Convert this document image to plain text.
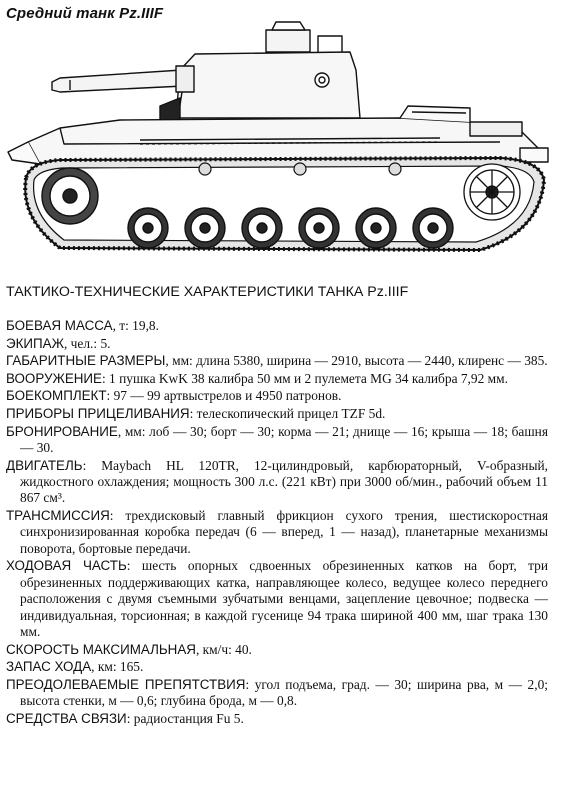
Средний танк Pz.IIIF
ТАКТИКО-ТЕХНИЧЕСКИЕ ХАРАКТЕРИСТИКИ ТАНКА Pz.IIIF
БОЕВАЯ МАССА, т: 19,8.
ЭКИПАЖ, чел.: 5.
ГАБАРИТНЫЕ РАЗМЕРЫ, мм: длина 5380, ширина — 2910, высота — 2440, клиренс — 385.
ВООРУЖЕНИЕ: 1 пушка KwK 38 калибра 50 мм и 2 пулемета MG 34 калибра 7,92 мм.
БОЕКОМПЛЕКТ: 97 — 99 артвыстрелов и 4950 патронов.
ПРИБОРЫ ПРИЦЕЛИВАНИЯ: телескопический прицел TZF 5d.
БРОНИРОВАНИЕ, мм: лоб — 30; борт — 30; корма — 21; днище — 16; крыша — 18; башня — 30.
ДВИГАТЕЛЬ: Maybach HL 120TR, 12-цилиндровый, карбюраторный, V-образный, жидкостного охлаждения; мощность 300 л.с. (221 кВт) при 3000 об/мин., рабочий объем 11 867 см³.
ТРАНСМИССИЯ: трехдисковый главный фрикцион сухого трения, шестискоростная синхронизированная коробка передач (6 — вперед, 1 — назад), планетарные механизмы поворота, бортовые передачи.
ХОДОВАЯ ЧАСТЬ: шесть опорных сдвоенных обрезиненных катков на борт, три обрезиненных поддерживающих катка, направляющее колесо, ведущее колесо переднего расположения с двумя съемными зубчатыми венцами, зацепление цевочное; подвеска — индивидуальная, торсионная; в каждой гусенице 94 трака шириной 400 мм, шаг трака 130 мм.
СКОРОСТЬ МАКСИМАЛЬНАЯ, км/ч: 40.
ЗАПАС ХОДА, км: 165.
ПРЕОДОЛЕВАЕМЫЕ ПРЕПЯТСТВИЯ: угол подъема, град. — 30; ширина рва, м — 2,0; высота стенки, м — 0,6; глубина брода, м — 0,8.
СРЕДСТВА СВЯЗИ: радиостанция Fu 5.
